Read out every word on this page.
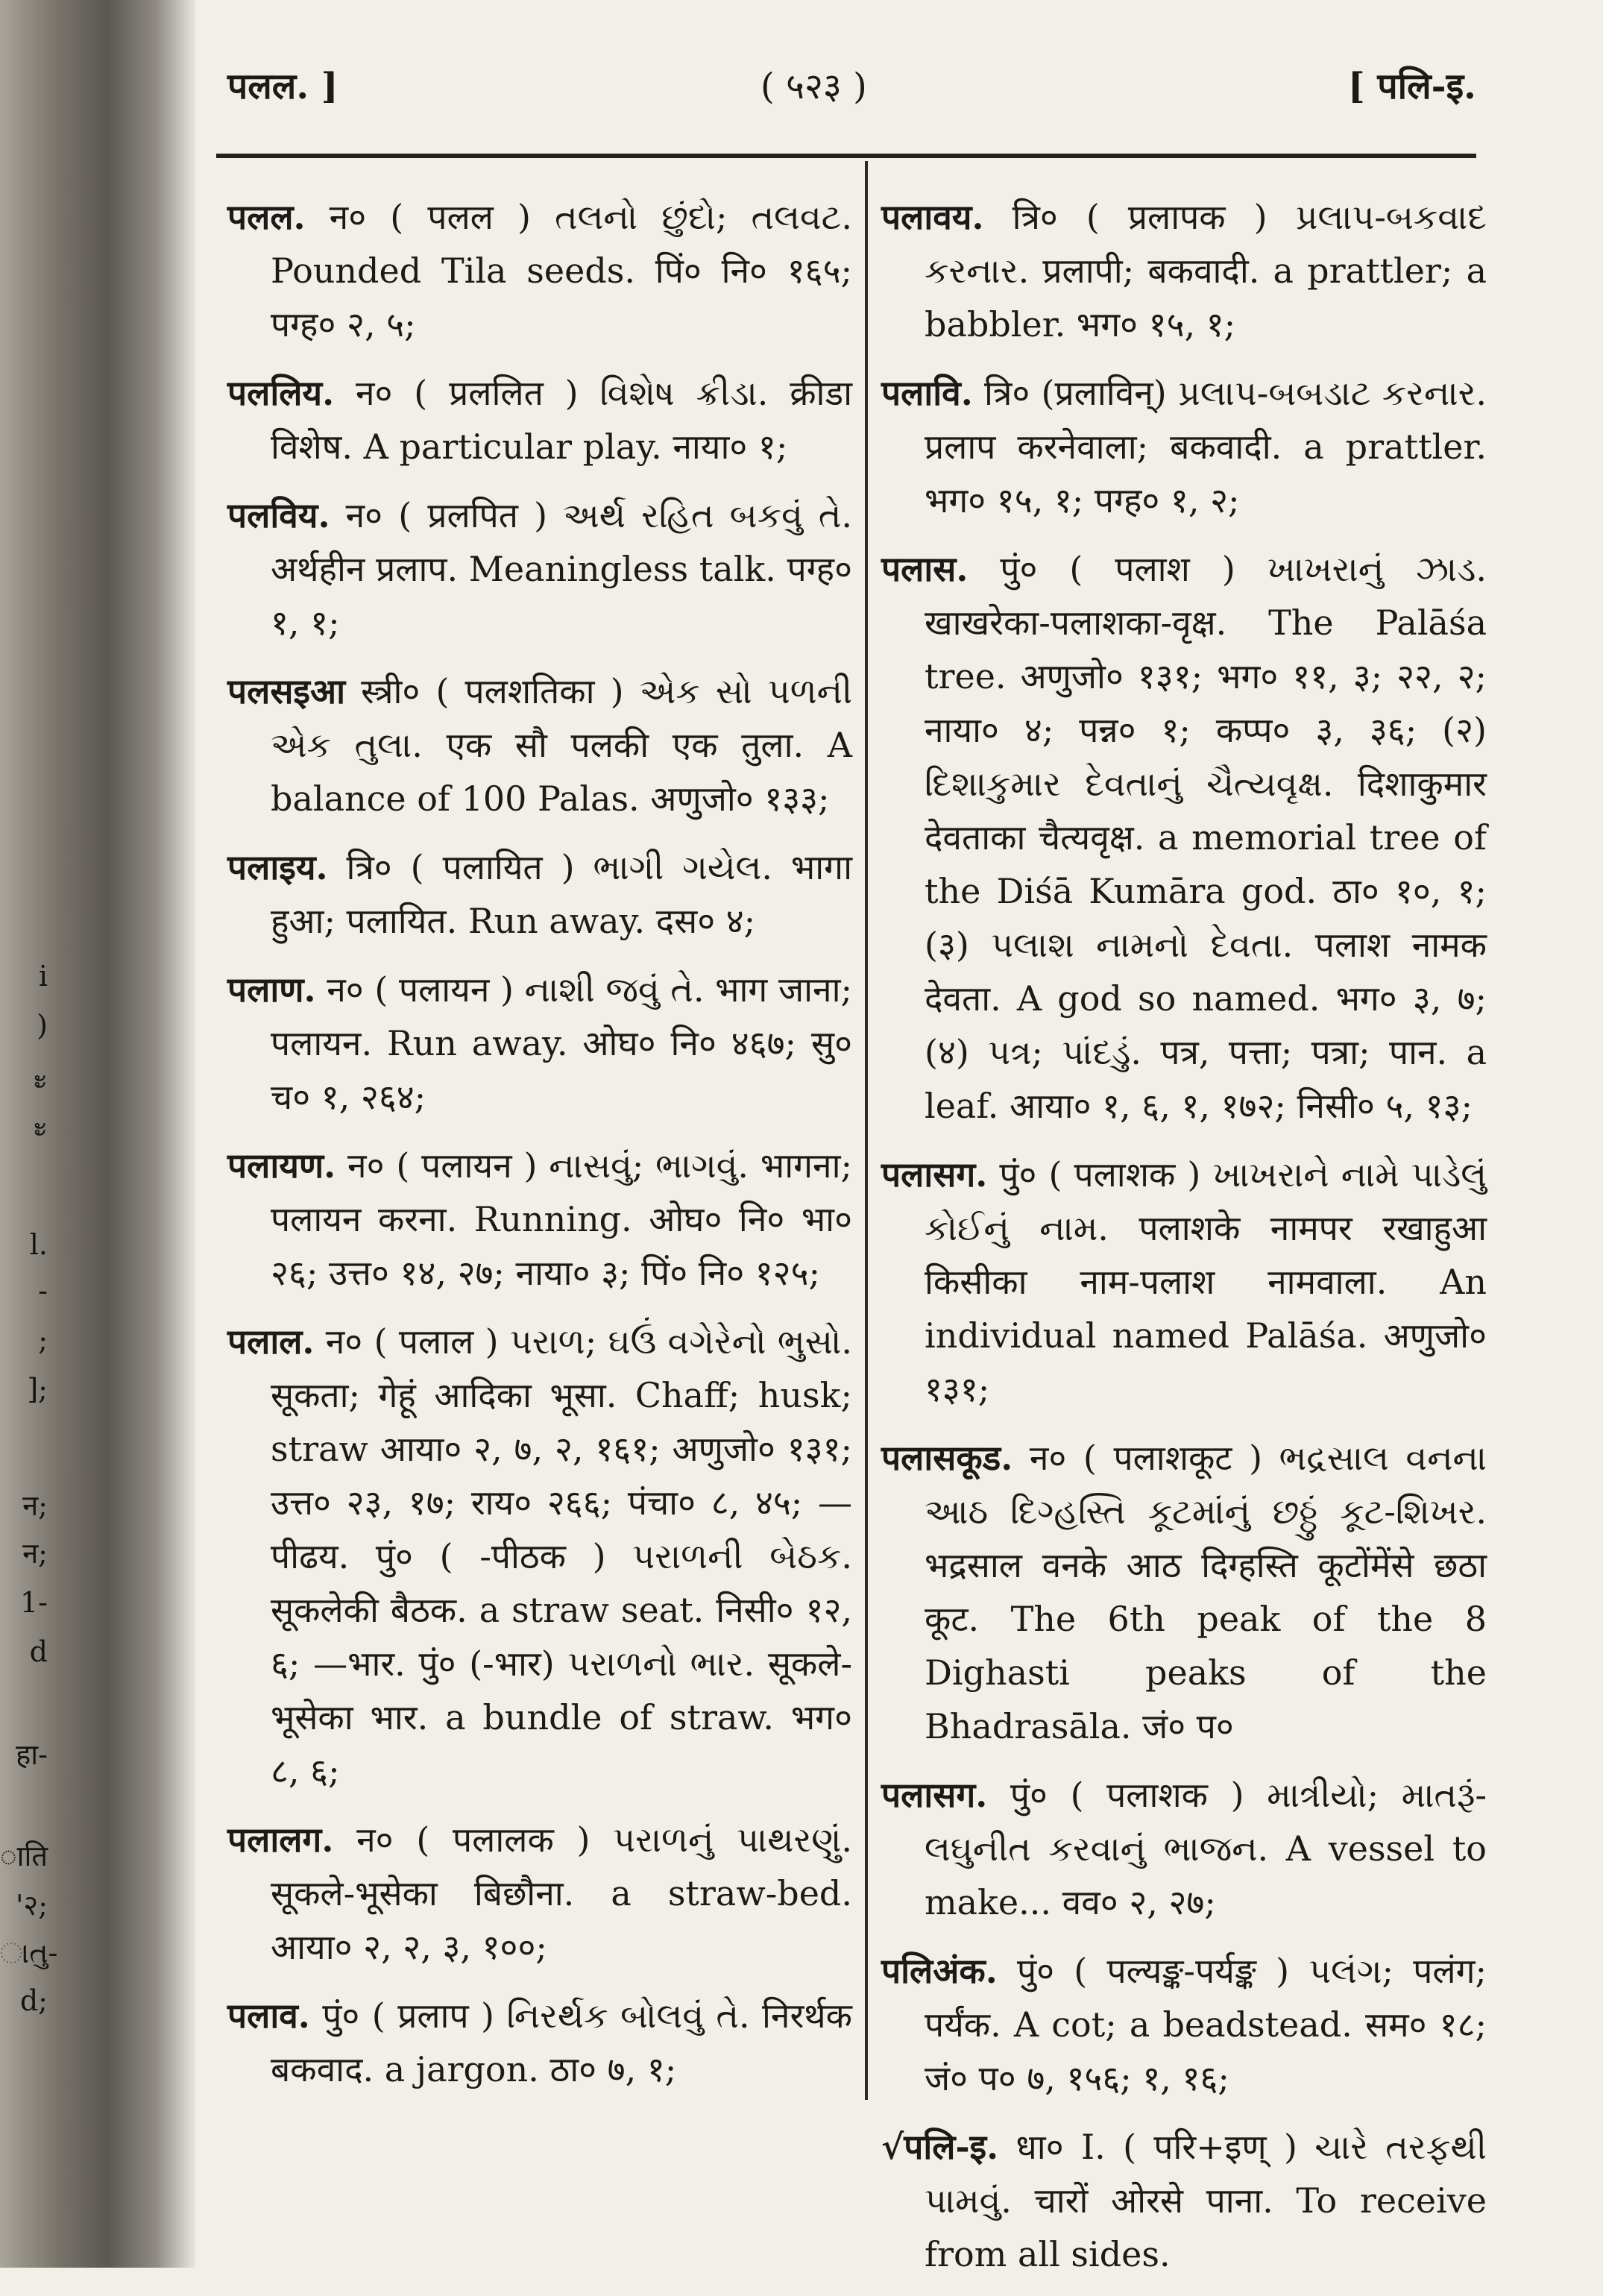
i
)
ะ
ะ
l.
-
;
];
न;
न;
1-
d
हा-
ाति
'२;
ાતુ-
d;
पलल. ]	( ५२३ )	[ पलि-इ.

पलल. न० ( पलल ) તલનો છુંદો; તલવટ. Pounded Tila seeds. पिं० नि० १६५; पग्ह० २, ५;

पललिय. न० ( प्रललित ) વિશેષ ક્રીડા. क्रीडा विशेष. A particular play. नाया० १;

पलविय. न० ( प्रलपित ) અર્થ રહિત બકવું તે. अर्थहीन प्रलाप. Meaningless talk. पग्ह० १, १;

पलसइआ स्त्री० ( पलशतिका ) એક સો પળની એક તુલા. एक सौ पलकी एक तुला. A balance of 100 Palas. अणुजो० १३३;

पलाइय. त्रि० ( पलायित ) ભાગી ગયેલ. भागा हुआ; पलायित. Run away. दस० ४;

पलाण. न० ( पलायन ) નાશી જવું તે. भाग जाना; पलायन. Run away. ओघ० नि० ४६७; सु० च० १, २६४;

पलायण. न० ( पलायन ) નાસવું; ભાગવું. भागना; पलायन करना. Running. ओघ० नि० भा० २६; उत्त० १४, २७; नाया० ३; पिं० नि० १२५;

पलाल. न० ( पलाल ) પરાળ; ઘઉં વગેરેનો ભુસો. सूकता; गेहूं आदिका भूसा. Chaff; husk; straw आया० २, ७, २, १६१; अणुजो० १३१; उत्त० २३, १७; राय० २६६; पंचा० ८, ४५; —पीढय. पुं० ( -पीठक ) પરાળની બેઠક. सूकलेकी बैठक. a straw seat. निसी० १२, ६; —भार. पुं० (-भार) પરાળનો ભાર. सूकले-भूसेका भार. a bundle of straw. भग० ८, ६;

पलालग. न० ( पलालक ) પરાળનું પાથરણું. सूकले-भूसेका बिछौना. a straw-bed. आया० २, २, ३, १००;

पलाव. पुं० ( प्रलाप ) નિરર્થક બોલવું તે. निरर्थक बकवाद. a jargon. ठा० ७, १;

पलावय. त्रि० ( प्रलापक ) પ્રલાપ-બકવાદ કરનાર. प्रलापी; बकवादी. a prattler; a babbler. भग० १५, १;

पलावि. त्रि० (प्रलाविन्) પ્રલાપ-બબડાટ કરનાર. प्रलाप करनेवाला; बकवादी. a prattler. भग० १५, १; पग्ह० १, २;

पलास. पुं० ( पलाश ) ખાખરાનું ઝાડ. खाखरेका-पलाशका-वृक्ष. The Palāśa tree. अणुजो० १३१; भग० ११, ३; २२, २; नाया० ४; पन्न० १; कप्प० ३, ३६; (२) દિશાકુમાર દેવતાનું ચૈત્યવૃક્ષ. दिशाकुमार देवताका चैत्यवृक्ष. a memorial tree of the Diśā Kumāra god. ठा० १०, १; (३) પલાશ નામનો દેવતા. पलाश नामक देवता. A god so named. भग० ३, ७; (४) પત્ર; પાંદડું. पत्र, पत्ता; पत्रा; पान. a leaf. आया० १, ६, १, १७२; निसी० ५, १३;

पलासग. पुं० ( पलाशक ) ખાખરાને નામે પાડેલું કોઈનું નામ. पलाशके नामपर रखाहुआ किसीका नाम-पलाश नामवाला. An individual named Palāśa. अणुजो० १३१;

पलासकूड. न० ( पलाशकूट ) ભદ્રસાલ વનના આઠ દિગ્હસ્તિ કૂટમાંનું છઠ્ઠું કૂટ-શિખર. भद्रसाल वनके आठ दिग्हस्ति कूटोंमेंसे छठा कूट. The 6th peak of the 8 Dighasti peaks of the Bhadrasāla. जं० प०

पलासग. पुं० ( पलाशक ) માત્રીયો; માતરૂં-લઘુનીત કરવાનું ભાજન. A vessel to make... वव० २, २७;

पलिअंक. पुं० ( पल्यङ्क-पर्यङ्क ) પલંગ; पलंग; पर्यंक. A cot; a beadstead. सम० १८; जं० प० ७, १५६; १, १६;

√पलि-इ. धा० I. ( परि+इण् ) ચારે તરફથી પામવું. चारों ओरसे पाना. To receive from all sides.
